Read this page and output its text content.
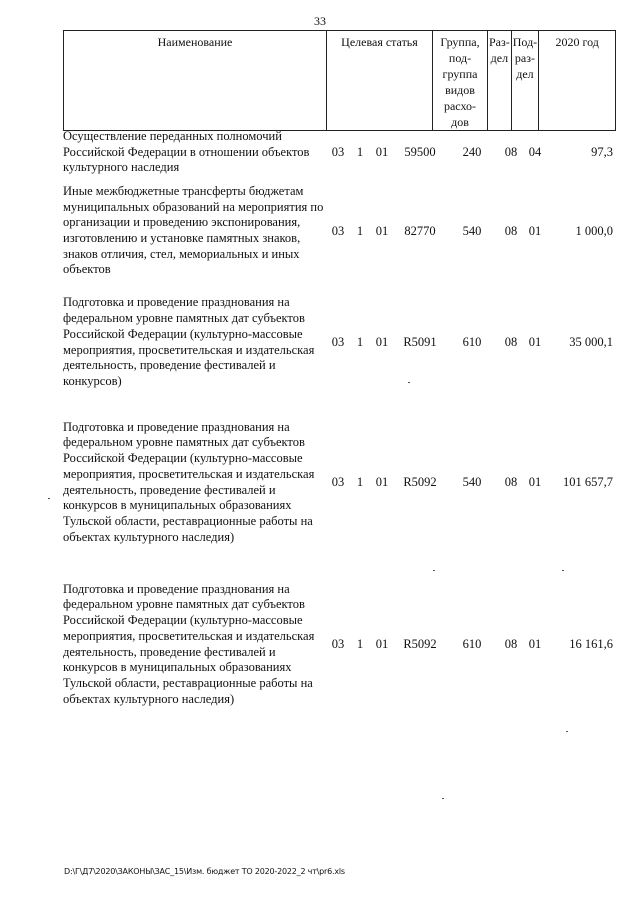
33
Наименование	Целевая статья	Группа,
под-
группа
видов
расхо-
дов	Раз-
дел	Под-
раз-
дел	2020 год
Осуществление переданных полномочий Российской Федерации в отношении объектов культурного наследия
03	1	01	59500	240	08 04	97,3
Иные межбюджетные трансферты бюджетам муниципальных образований на мероприятия по организации и проведению экспонирования, изготовлению и установке памятных знаков, знаков отличия, стел, мемориальных и иных объектов
03	1	01	82770	540	08 01	1 000,0
Подготовка и проведение празднования на федеральном уровне памятных дат субъектов Российской Федерации (культурно-массовые мероприятия, просветительская и издательская деятельность, проведение фестивалей и конкурсов)
03	1	01	R5091	610	08 01	35 000,1
Подготовка и проведение празднования на федеральном уровне памятных дат субъектов Российской Федерации (культурно-массовые мероприятия, просветительская и издательская деятельность, проведение фестивалей и конкурсов в муниципальных образованиях Тульской области, реставрационные работы на объектах культурного наследия)
03	1	01	R5092	540	08 01	101 657,7
Подготовка и проведение празднования на федеральном уровне памятных дат субъектов Российской Федерации (культурно-массовые мероприятия, просветительская и издательская деятельность, проведение фестивалей и конкурсов в муниципальных образованиях Тульской области, реставрационные работы на объектах культурного наследия)
03	1	01	R5092	610	08 01	16 161,6
D:\Г\Д7\2020\ЗАКОНЫ\ЗАС_15\Изм. бюджет ТО 2020-2022_2 чт\pr6.xls
